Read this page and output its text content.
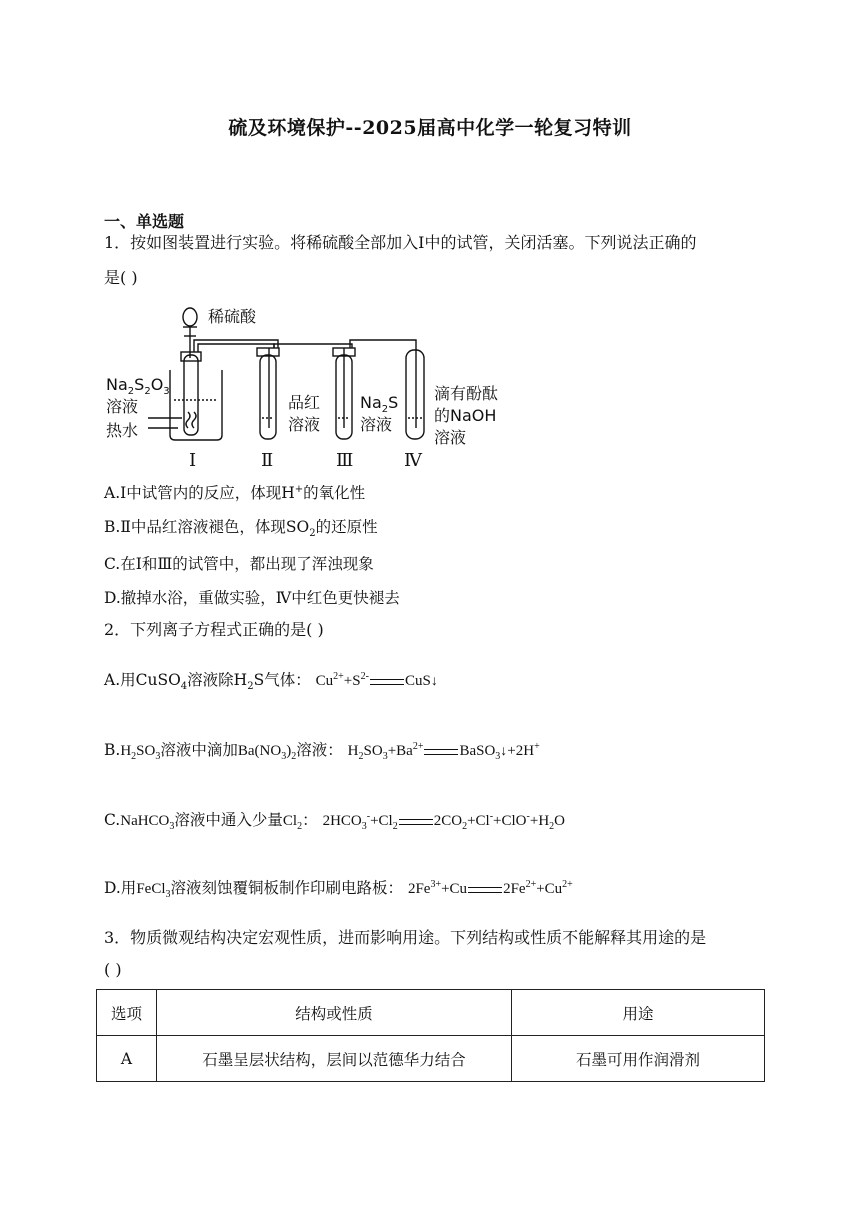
硫及环境保护--2025届高中化学一轮复习特训
一、单选题
1．按如图装置进行实验。将稀硫酸全部加入Ⅰ中的试管，关闭活塞。下列说法正确的
是( )
稀硫酸
$Na_2S_2O_3$
溶液
热水
品红
溶液
$Na_2S$
溶液
滴有酚酞
的NaOH
溶液
Ⅰ	Ⅱ	Ⅲ	Ⅳ
A.Ⅰ中试管内的反应，体现H+的氧化性
B.Ⅱ中品红溶液褪色，体现$SO_2$的还原性
C.在Ⅰ和Ⅲ的试管中，都出现了浑浊现象
D.撤掉水浴，重做实验，Ⅳ中红色更快褪去
2．下列离子方程式正确的是( )
A.用CuSO$_4$溶液除$H_2S$气体： $Cu^{2+}+S^{2-}$ CuS↓
$B.H_2SO_3$溶液中滴加$Ba(NO_3)_2$溶液： $H_2SO_3+Ba^{2+}$ BaSO$_3$↓+2H+
C.NaHCO$_3$溶液中通入少量$Cl_2$： $2HCO_3^-+Cl_2$ $2CO_2+Cl^-+ClO^-+H_2O$
D.用FeCl$_3$溶液刻蚀覆铜板制作印刷电路板： $2Fe^{3+}+Cu$ $2Fe^{2+}+Cu^{2+}$
3．物质微观结构决定宏观性质，进而影响用途。下列结构或性质不能解释其用途的是
( )
选项	结构或性质	用途
A	石墨呈层状结构，层间以范德华力结合	石墨可用作润滑剂
